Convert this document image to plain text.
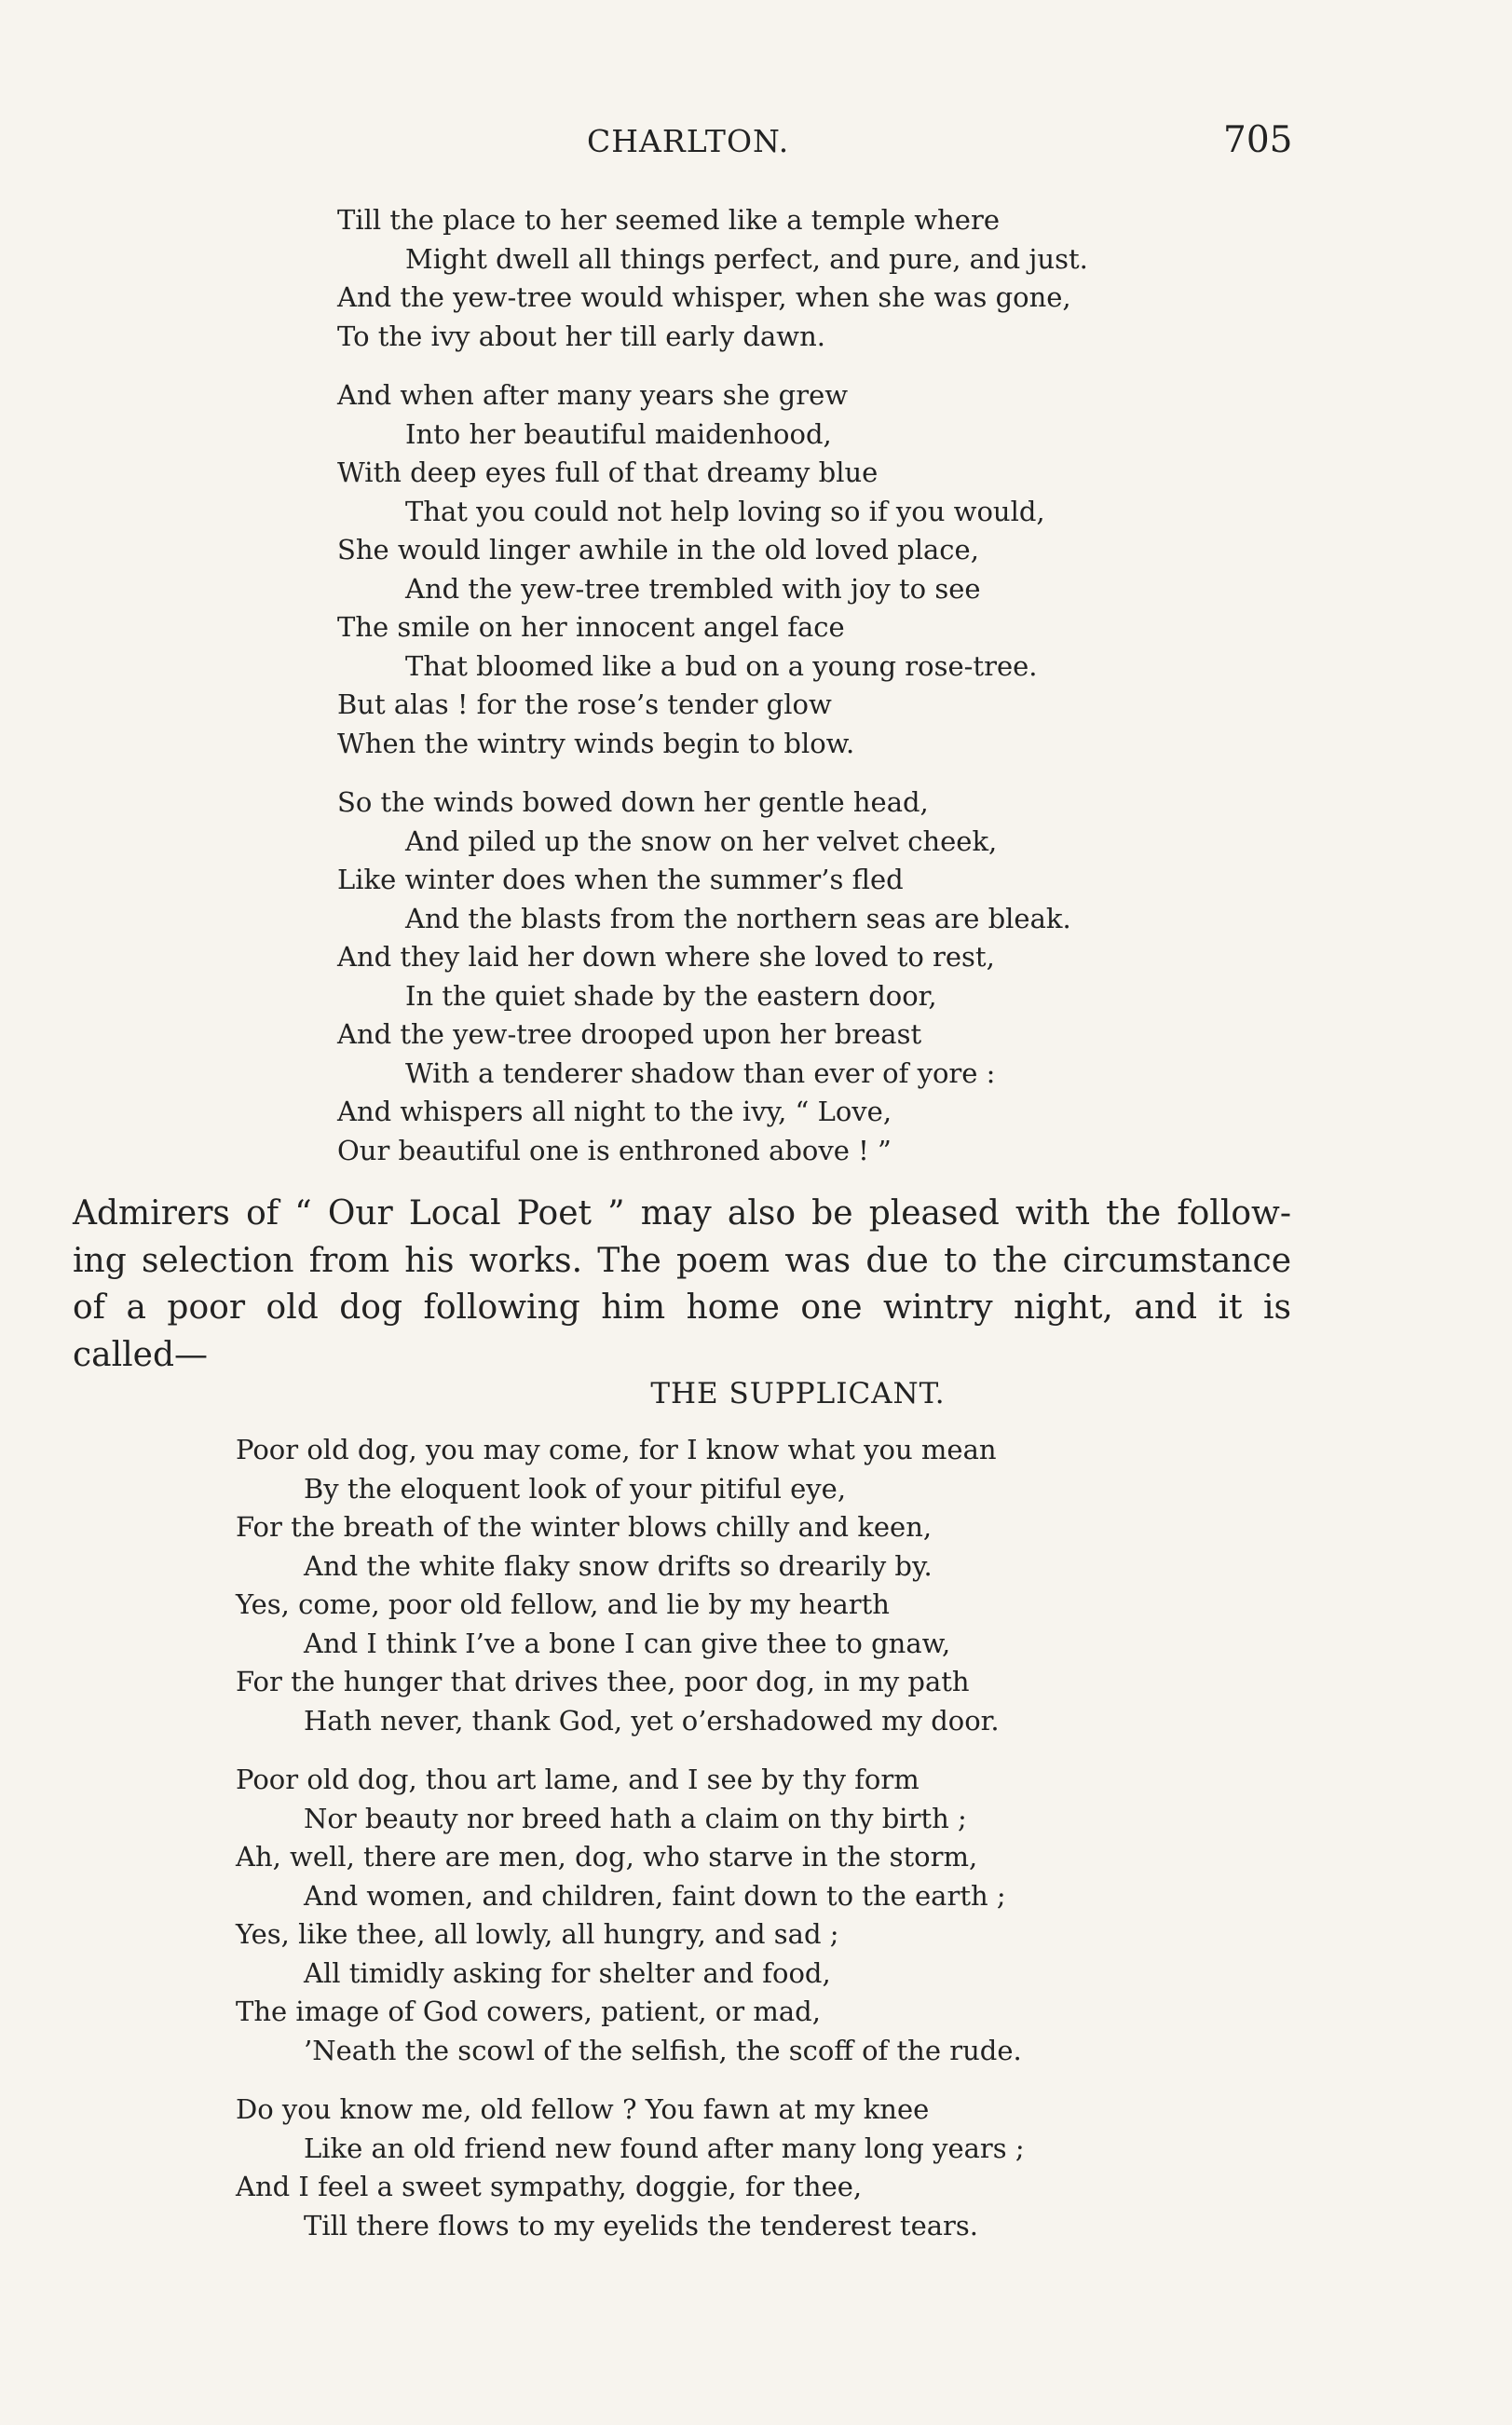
CHARLTON.	705
Till the place to her seemed like a temple where
Might dwell all things perfect, and pure, and just.
And the yew-tree would whisper, when she was gone,
To the ivy about her till early dawn.
And when after many years she grew
Into her beautiful maidenhood,
With deep eyes full of that dreamy blue
That you could not help loving so if you would,
She would linger awhile in the old loved place,
And the yew-tree trembled with joy to see
The smile on her innocent angel face
That bloomed like a bud on a young rose-tree.
But alas ! for the rose’s tender glow
When the wintry winds begin to blow.
So the winds bowed down her gentle head,
And piled up the snow on her velvet cheek,
Like winter does when the summer’s fled
And the blasts from the northern seas are bleak.
And they laid her down where she loved to rest,
In the quiet shade by the eastern door,
And the yew-tree drooped upon her breast
With a tenderer shadow than ever of yore :
And whispers all night to the ivy, “ Love,
Our beautiful one is enthroned above ! ”
Admirers of “ Our Local Poet ” may also be pleased with the follow-
ing selection from his works. The poem was due to the circumstance
of a poor old dog following him home one wintry night, and it is
called—
THE SUPPLICANT.
Poor old dog, you may come, for I know what you mean
By the eloquent look of your pitiful eye,
For the breath of the winter blows chilly and keen,
And the white flaky snow drifts so drearily by.
Yes, come, poor old fellow, and lie by my hearth
And I think I’ve a bone I can give thee to gnaw,
For the hunger that drives thee, poor dog, in my path
Hath never, thank God, yet o’ershadowed my door.
Poor old dog, thou art lame, and I see by thy form
Nor beauty nor breed hath a claim on thy birth ;
Ah, well, there are men, dog, who starve in the storm,
And women, and children, faint down to the earth ;
Yes, like thee, all lowly, all hungry, and sad ;
All timidly asking for shelter and food,
The image of God cowers, patient, or mad,
’Neath the scowl of the selfish, the scoff of the rude.
Do you know me, old fellow ? You fawn at my knee
Like an old friend new found after many long years ;
And I feel a sweet sympathy, doggie, for thee,
Till there flows to my eyelids the tenderest tears.
